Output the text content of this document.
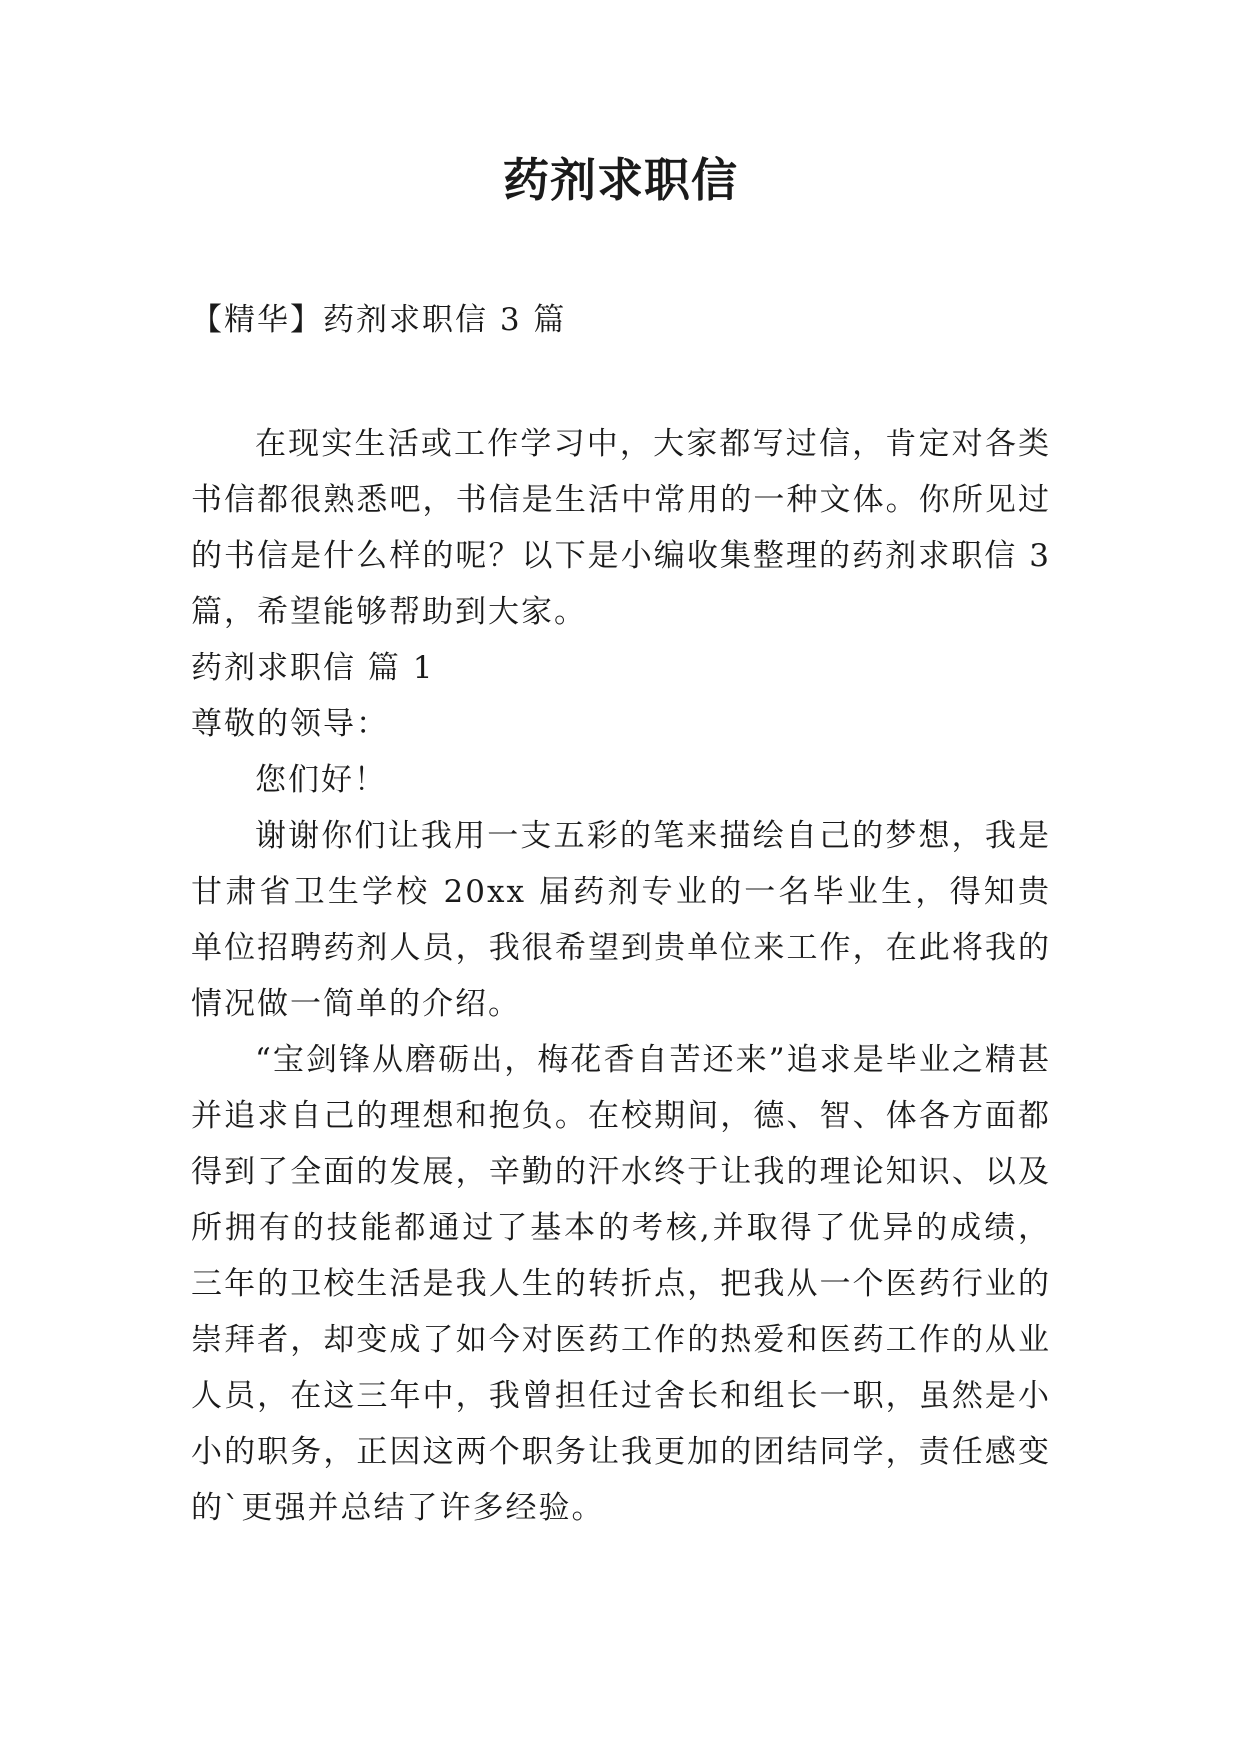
药剂求职信

【精华】药剂求职信 3 篇

在现实生活或工作学习中，大家都写过信，肯定对各类书信都很熟悉吧，书信是生活中常用的一种文体。你所见过的书信是什么样的呢？以下是小编收集整理的药剂求职信 3 篇，希望能够帮助到大家。

药剂求职信 篇 1

尊敬的领导：

您们好！

谢谢你们让我用一支五彩的笔来描绘自己的梦想，我是甘肃省卫生学校 20xx 届药剂专业的一名毕业生，得知贵单位招聘药剂人员，我很希望到贵单位来工作，在此将我的情况做一简单的介绍。

“宝剑锋从磨砺出，梅花香自苦还来”追求是毕业之精甚并追求自己的理想和抱负。在校期间，德、智、体各方面都得到了全面的发展，辛勤的汗水终于让我的理论知识、以及所拥有的技能都通过了基本的考核,并取得了优异的成绩，三年的卫校生活是我人生的转折点，把我从一个医药行业的崇拜者，却变成了如今对医药工作的热爱和医药工作的从业人员，在这三年中，我曾担任过舍长和组长一职，虽然是小小的职务，正因这两个职务让我更加的团结同学，责任感变的`更强并总结了许多经验。
